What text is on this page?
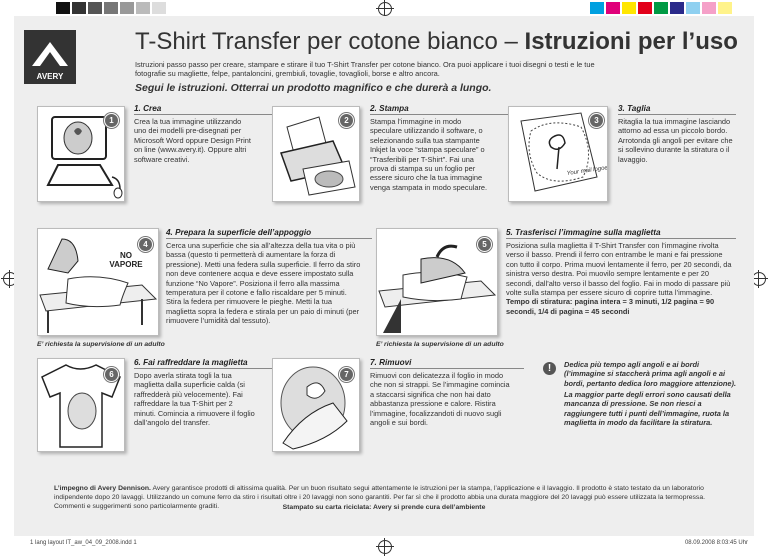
AVERY
T-Shirt Transfer per cotone bianco – Istruzioni per l’uso
Istruzioni passo passo per creare, stampare e stirare il tuo T-Shirt Transfer per cotone bianco. Ora puoi applicare i tuoi disegni o testi e le tue fotografie su magliette, felpe, pantaloncini, grembiuli, tovaglie, tovaglioli, borse e altro ancora.
Segui le istruzioni. Otterrai un prodotto magnifico e che durerà a lungo.
1
1. Crea
Crea la tua immagine utilizzando uno dei modelli pre-disegnati per Microsoft Word oppure Design Print on line (www.avery.it). Oppure altri software creativi.
2
2. Stampa
Stampa l’immagine in modo speculare utilizzando il software, o selezionando sulla tua stampante Inkjet la voce “stampa speculare” o “Trasferibili per T-Shirt”. Fai una prova di stampa su un foglio per essere sicuro che la tua immagine venga stampata in modo speculare.
Your mail logoes
3
3. Taglia
Ritaglia la tua immagine lasciando attorno ad essa un piccolo bordo. Arrotonda gli angoli per evitare che si sollevino durante la stiratura o il lavaggio.
4
NO VAPORE
4. Prepara la superficie dell’appoggio
Cerca una superficie che sia all’altezza della tua vita o più bassa (questo ti permetterà di aumentare la forza di pressione). Metti una federa sulla superficie. Il ferro da stiro non deve contenere acqua e deve essere impostato sulla funzione “No Vapore”. Posiziona il ferro alla massima temperatura per il cotone e fallo riscaldare per 5 minuti. Stira la federa per rimuovere le pieghe. Metti la tua maglietta sopra la federa e stirala per un paio di minuti (per rimuovere l’umidità dal tessuto).
E’ richiesta la supervisione di un adulto
5
5. Trasferisci l’immagine sulla maglietta
Posiziona sulla maglietta il T-Shirt Transfer con l’immagine rivolta verso il basso. Prendi il ferro con entrambe le mani e fai pressione con tutto il corpo. Prima muovi lentamente il ferro, per 20 secondi, da sinistra verso destra. Poi muovilo sempre lentamente e per 20 secondi, dall’alto verso il basso del foglio. Fai in modo di passare più volte sulla stampa per essere sicuro di coprire tutta l’immagine.
Tempo di stiratura: pagina intera = 3 minuti, 1/2 pagina = 90 secondi, 1/4 di pagina = 45 secondi
E’ richiesta la supervisione di un adulto
6
6. Fai raffreddare la maglietta
Dopo averla stirata togli la tua maglietta dalla superficie calda (si raffredderà più velocemente). Fai raffreddare la tua T-Shirt per 2 minuti. Comincia a rimuovere il foglio dall’angolo del transfer.
7
7. Rimuovi
Rimuovi con delicatezza il foglio in modo che non si strappi. Se l’immagine comincia a staccarsi significa che non hai dato abbastanza pressione e calore. Ristira l’immagine, focalizzandoti di nuovo sugli angoli e sui bordi.
!	Dedica più tempo agli angoli e ai bordi (l’immagine si staccherà prima agli angoli e ai bordi, pertanto dedica loro maggiore attenzione).
La maggior parte degli errori sono causati della mancanza di pressione. Se non riesci a raggiungere tutti i punti dell’immagine, ruota la maglietta in modo da facilitare la stiratura.
L’impegno di Avery Dennison. Avery garantisce prodotti di altissima qualità. Per un buon risultato segui attentamente le istruzioni per la stampa, l’applicazione e il lavaggio. Il prodotto è stato testato da un laboratorio indipendente dopo 20 lavaggi. Utilizzando un comune ferro da stiro i risultati oltre i 20 lavaggi non sono garantiti. Per far sì che il prodotto abbia una durata maggiore del 20 lavaggi può essere utilizzata la termopressa. Commenti e suggerimenti sono particolarmente graditi.	Stampato su carta riciclata: Avery si prende cura dell’ambiente
1 lang layout IT_aw_04_09_2008.indd 1	08.09.2008 8:03:45 Uhr
